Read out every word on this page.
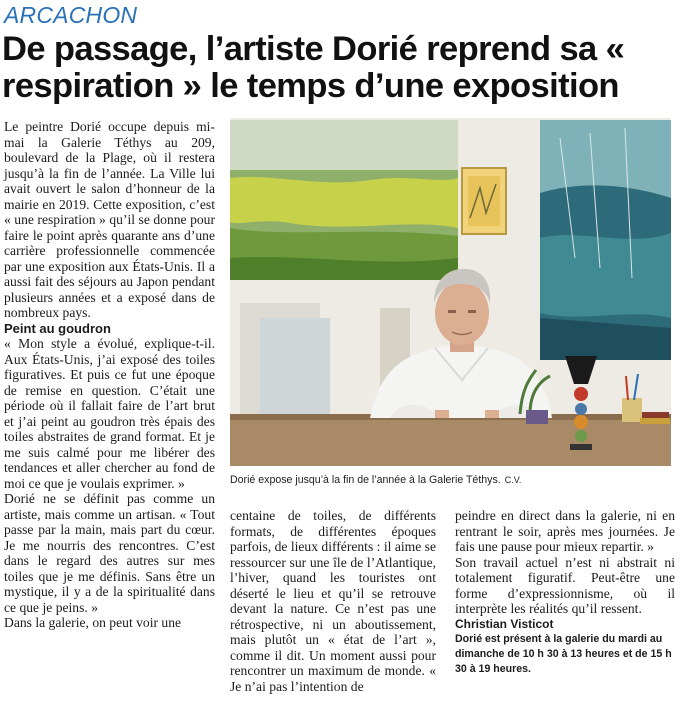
ARCACHON
De passage, l’artiste Dorié reprend sa « respiration » le temps d’une exposition

Le peintre Dorié occupe depuis mi-mai la Galerie Téthys au 209, boulevard de la Plage, où il restera jusqu’à la fin de l’année. La Ville lui avait ouvert le salon d’honneur de la mairie en 2019. Cette exposition, c’est « une respiration » qu’il se donne pour faire le point après quarante ans d’une carrière professionnelle commencée par une exposition aux États-Unis. Il a aussi fait des séjours au Japon pendant plusieurs années et a exposé dans de nombreux pays.

Peint au goudron

« Mon style a évolué, explique-t-il. Aux États-Unis, j’ai exposé des toiles figuratives. Et puis ce fut une époque de remise en question. C’était une période où il fallait faire de l’art brut et j’ai peint au goudron très épais des toiles abstraites de grand format. Et je me suis calmé pour me libérer des tendances et aller chercher au fond de moi ce que je voulais exprimer. »

Dorié ne se définit pas comme un artiste, mais comme un artisan. « Tout passe par la main, mais part du cœur. Je me nourris des rencontres. C’est dans le regard des autres sur mes toiles que je me définis. Sans être un mystique, il y a de la spiritualité dans ce que je peins. »

Dans la galerie, on peut voir une

Dorié expose jusqu’à la fin de l’année à la Galerie Téthys. C.V.

centaine de toiles, de différents formats, de différentes époques parfois, de lieux différents : il aime se ressourcer sur une île de l’Atlantique, l’hiver, quand les touristes ont déserté le lieu et qu’il se retrouve devant la nature. Ce n’est pas une rétrospective, ni un aboutissement, mais plutôt un « état de l’art », comme il dit. Un moment aussi pour rencontrer un maximum de monde. « Je n’ai pas l’intention de

peindre en direct dans la galerie, ni en rentrant le soir, après mes journées. Je fais une pause pour mieux repartir. »

Son travail actuel n’est ni abstrait ni totalement figuratif. Peut-être une forme d’expressionnisme, où il interprète les réalités qu’il ressent.

Christian Visticot

Dorié est présent à la galerie du mardi au dimanche de 10 h 30 à 13 heures et de 15 h 30 à 19 heures.
